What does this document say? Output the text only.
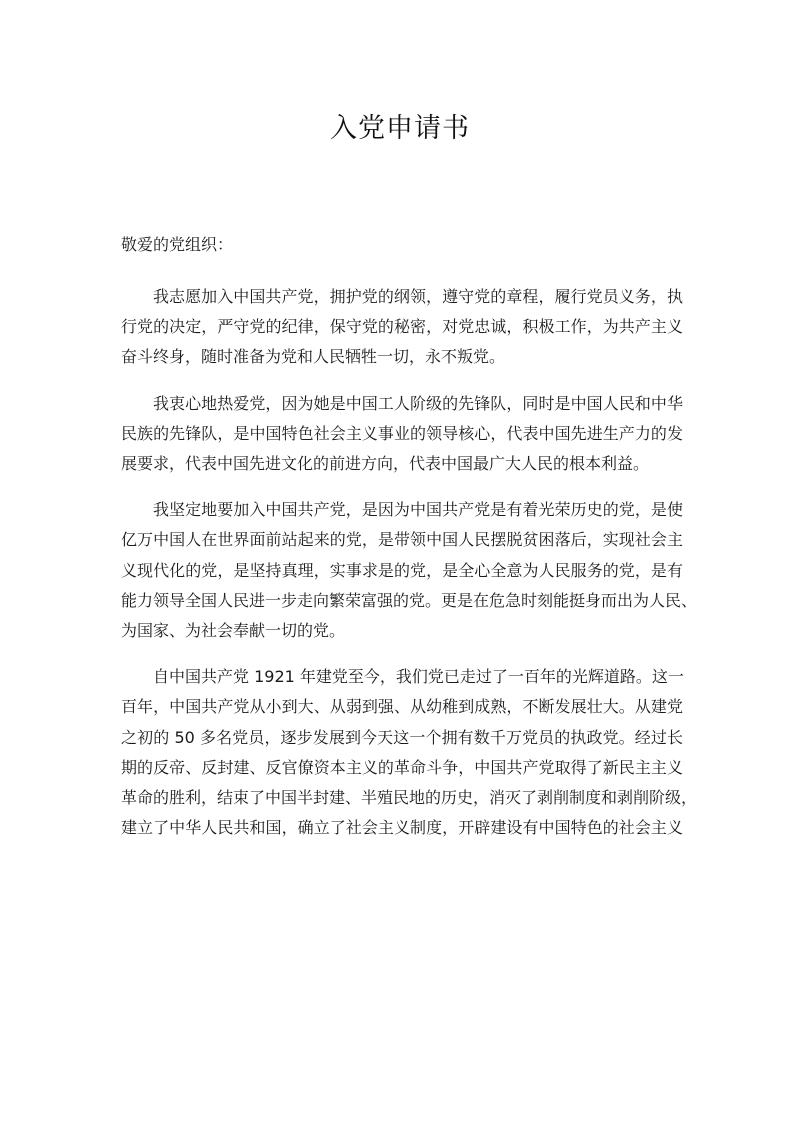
入党申请书
敬爱的党组织：
我志愿加入中国共产党，拥护党的纲领，遵守党的章程，履行党员义务，执
行党的决定，严守党的纪律，保守党的秘密，对党忠诚，积极工作，为共产主义
奋斗终身，随时准备为党和人民牺牲一切，永不叛党。
我衷心地热爱党，因为她是中国工人阶级的先锋队，同时是中国人民和中华
民族的先锋队，是中国特色社会主义事业的领导核心，代表中国先进生产力的发
展要求，代表中国先进文化的前进方向，代表中国最广大人民的根本利益。
我坚定地要加入中国共产党，是因为中国共产党是有着光荣历史的党，是使
亿万中国人在世界面前站起来的党，是带领中国人民摆脱贫困落后，实现社会主
义现代化的党，是坚持真理，实事求是的党，是全心全意为人民服务的党，是有
能力领导全国人民进一步走向繁荣富强的党。更是在危急时刻能挺身而出为人民、
为国家、为社会奉献一切的党。
自中国共产党 1921 年建党至今，我们党已走过了一百年的光辉道路。这一
百年，中国共产党从小到大、从弱到强、从幼稚到成熟，不断发展壮大。从建党
之初的 50 多名党员，逐步发展到今天这一个拥有数千万党员的执政党。经过长
期的反帝、反封建、反官僚资本主义的革命斗争，中国共产党取得了新民主主义
革命的胜利，结束了中国半封建、半殖民地的历史，消灭了剥削制度和剥削阶级，
建立了中华人民共和国，确立了社会主义制度，开辟建设有中国特色的社会主义
